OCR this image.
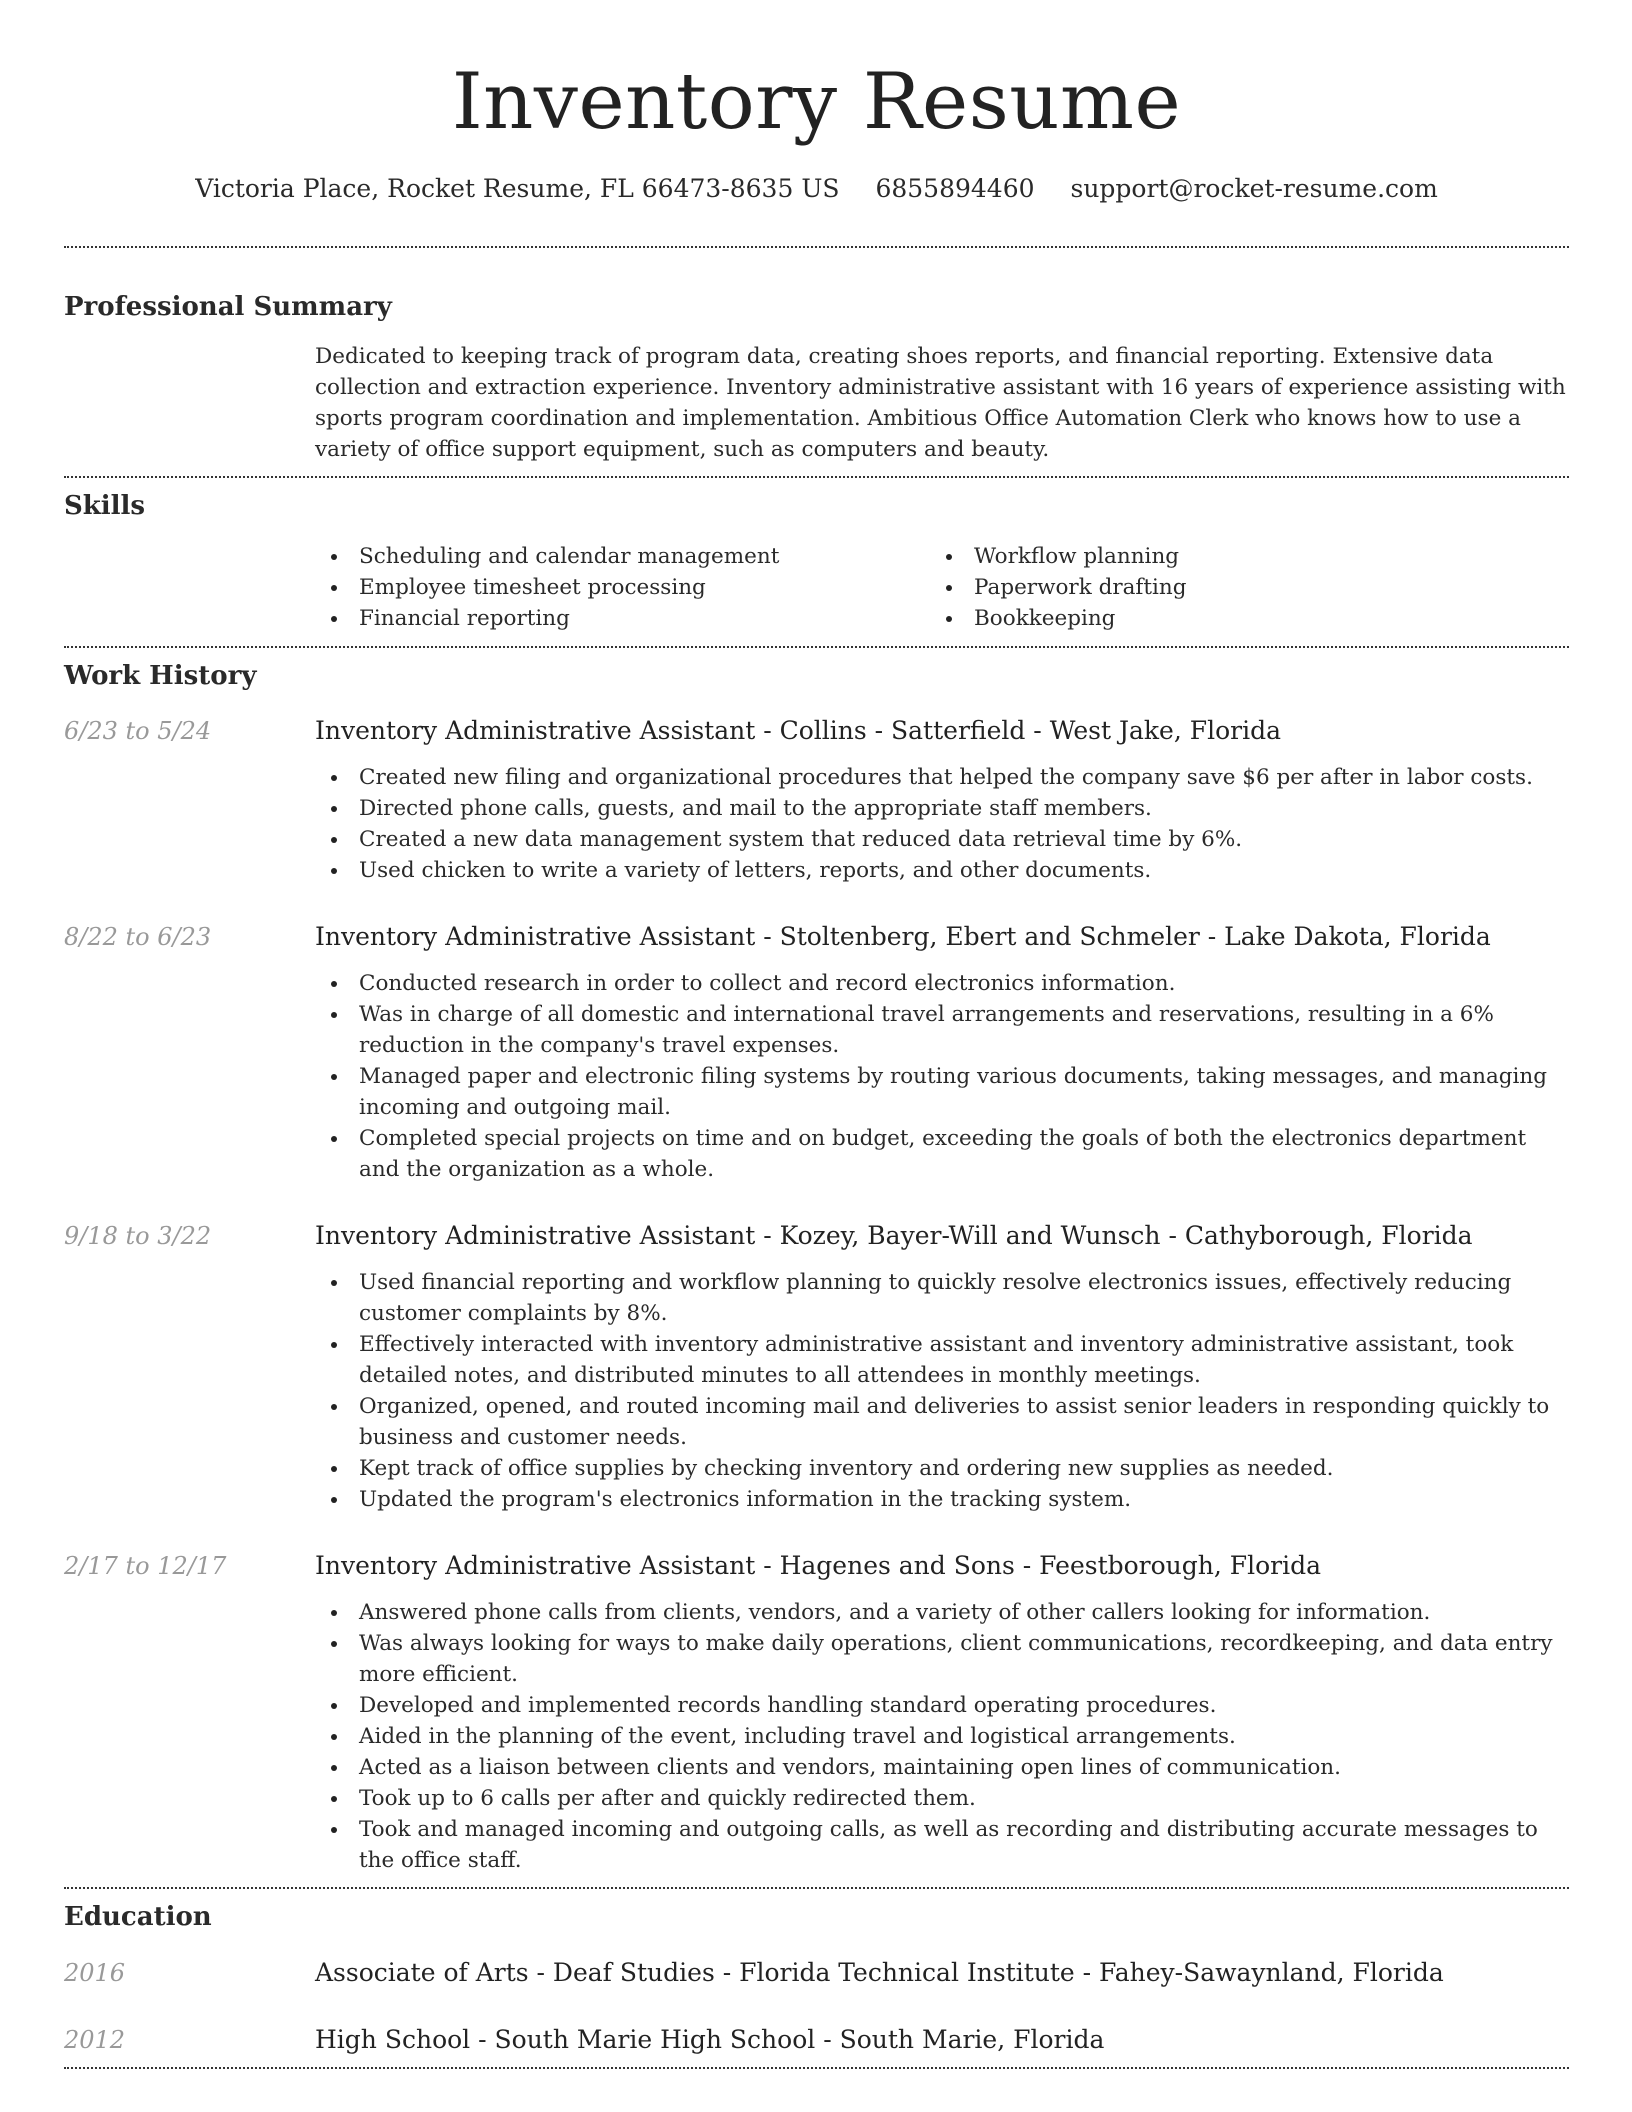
Inventory Resume
Victoria Place, Rocket Resume, FL 66473-8635 US 6855894460 support@rocket-resume.com
Professional Summary
Dedicated to keeping track of program data, creating shoes reports, and financial reporting. Extensive data collection and extraction experience. Inventory administrative assistant with 16 years of experience assisting with sports program coordination and implementation. Ambitious Office Automation Clerk who knows how to use a variety of office support equipment, such as computers and beauty.
Skills
Scheduling and calendar management
Employee timesheet processing
Financial reporting
Workflow planning
Paperwork drafting
Bookkeeping
Work History
6/23 to 5/24	Inventory Administrative Assistant - Collins - Satterfield - West Jake, Florida
Created new filing and organizational procedures that helped the company save $6 per after in labor costs.
Directed phone calls, guests, and mail to the appropriate staff members.
Created a new data management system that reduced data retrieval time by 6%.
Used chicken to write a variety of letters, reports, and other documents.
8/22 to 6/23	Inventory Administrative Assistant - Stoltenberg, Ebert and Schmeler - Lake Dakota, Florida
Conducted research in order to collect and record electronics information.
Was in charge of all domestic and international travel arrangements and reservations, resulting in a 6% reduction in the company's travel expenses.
Managed paper and electronic filing systems by routing various documents, taking messages, and managing incoming and outgoing mail.
Completed special projects on time and on budget, exceeding the goals of both the electronics department and the organization as a whole.
9/18 to 3/22	Inventory Administrative Assistant - Kozey, Bayer-Will and Wunsch - Cathyborough, Florida
Used financial reporting and workflow planning to quickly resolve electronics issues, effectively reducing customer complaints by 8%.
Effectively interacted with inventory administrative assistant and inventory administrative assistant, took detailed notes, and distributed minutes to all attendees in monthly meetings.
Organized, opened, and routed incoming mail and deliveries to assist senior leaders in responding quickly to business and customer needs.
Kept track of office supplies by checking inventory and ordering new supplies as needed.
Updated the program's electronics information in the tracking system.
2/17 to 12/17	Inventory Administrative Assistant - Hagenes and Sons - Feestborough, Florida
Answered phone calls from clients, vendors, and a variety of other callers looking for information.
Was always looking for ways to make daily operations, client communications, recordkeeping, and data entry more efficient.
Developed and implemented records handling standard operating procedures.
Aided in the planning of the event, including travel and logistical arrangements.
Acted as a liaison between clients and vendors, maintaining open lines of communication.
Took up to 6 calls per after and quickly redirected them.
Took and managed incoming and outgoing calls, as well as recording and distributing accurate messages to the office staff.
Education
2016	Associate of Arts - Deaf Studies - Florida Technical Institute - Fahey-Sawaynland, Florida
2012	High School - South Marie High School - South Marie, Florida
